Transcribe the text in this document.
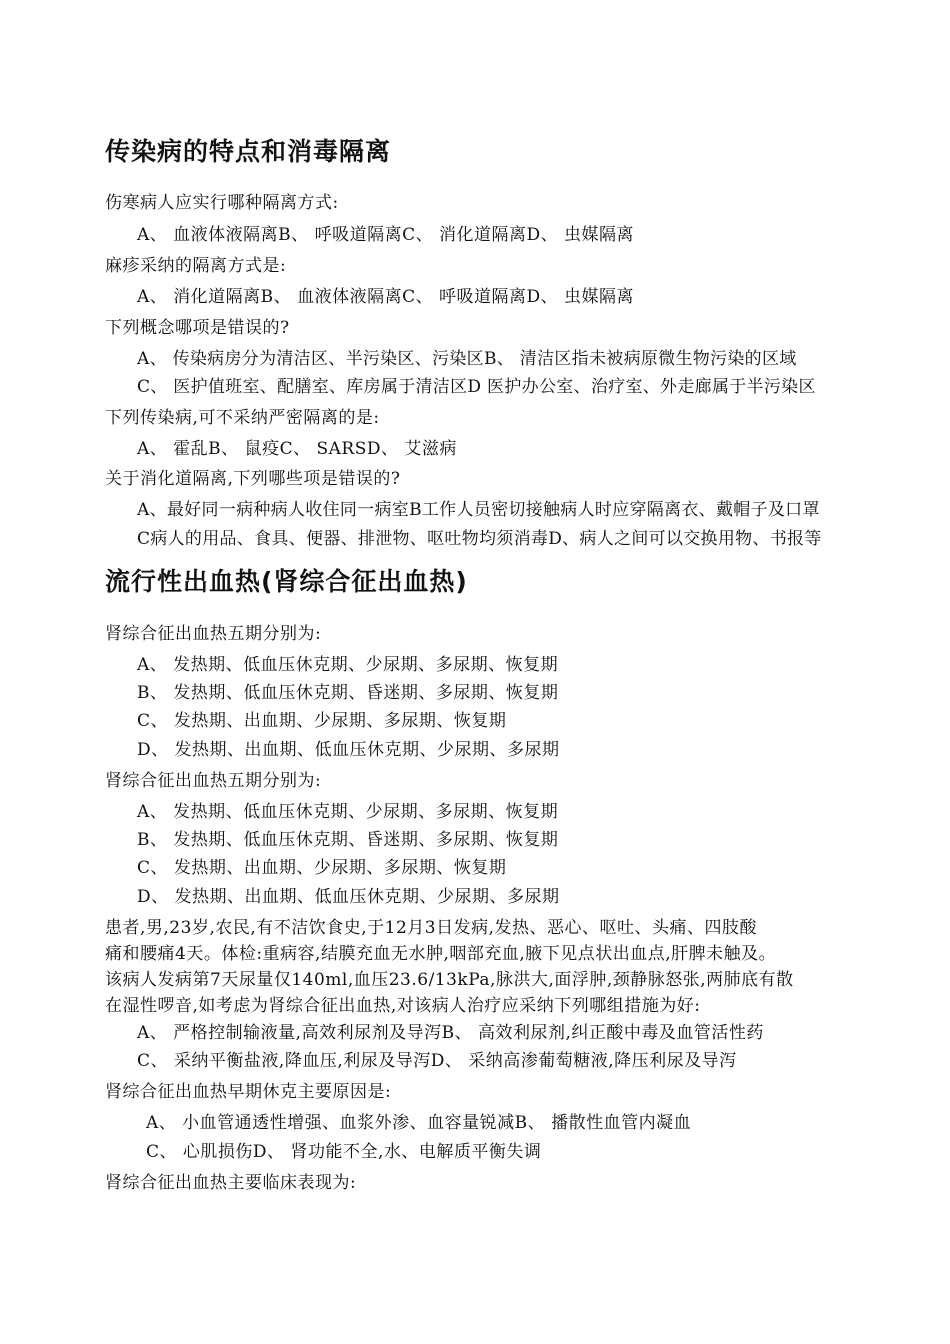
传染病的特点和消毒隔离
伤寒病人应实行哪种隔离方式:
A、 血液体液隔离B、 呼吸道隔离C、 消化道隔离D、 虫媒隔离
麻疹采纳的隔离方式是:
A、 消化道隔离B、 血液体液隔离C、 呼吸道隔离D、 虫媒隔离
下列概念哪项是错误的?
A、 传染病房分为清洁区、半污染区、污染区B、 清洁区指未被病原微生物污染的区域
C、 医护值班室、配膳室、库房属于清洁区D 医护办公室、治疗室、外走廊属于半污染区
下列传染病,可不采纳严密隔离的是:
A、 霍乱B、 鼠疫C、 SARSD、 艾滋病
关于消化道隔离,下列哪些项是错误的?
A、最好同一病种病人收住同一病室B工作人员密切接触病人时应穿隔离衣、戴帽子及口罩
C病人的用品、食具、便器、排泄物、呕吐物均须消毒D、病人之间可以交换用物、书报等
流行性出血热(肾综合征出血热)
肾综合征出血热五期分别为:
A、 发热期、低血压休克期、少尿期、多尿期、恢复期
B、 发热期、低血压休克期、昏迷期、多尿期、恢复期
C、 发热期、出血期、少尿期、多尿期、恢复期
D、 发热期、出血期、低血压休克期、少尿期、多尿期
肾综合征出血热五期分别为:
A、 发热期、低血压休克期、少尿期、多尿期、恢复期
B、 发热期、低血压休克期、昏迷期、多尿期、恢复期
C、 发热期、出血期、少尿期、多尿期、恢复期
D、 发热期、出血期、低血压休克期、少尿期、多尿期
患者,男,23岁,农民,有不洁饮食史,于12月3日发病,发热、恶心、呕吐、头痛、四肢酸
痛和腰痛4天。体检:重病容,结膜充血无水肿,咽部充血,腋下见点状出血点,肝脾未触及。
该病人发病第7天尿量仅140ml,血压23.6/13kPa,脉洪大,面浮肿,颈静脉怒张,两肺底有散
在湿性啰音,如考虑为肾综合征出血热,对该病人治疗应采纳下列哪组措施为好:
A、 严格控制输液量,高效利尿剂及导泻B、 高效利尿剂,纠正酸中毒及血管活性药
C、 采纳平衡盐液,降血压,利尿及导泻D、 采纳高渗葡萄糖液,降压利尿及导泻
肾综合征出血热早期休克主要原因是:
A、 小血管通透性增强、血浆外渗、血容量锐减B、 播散性血管内凝血
C、 心肌损伤D、 肾功能不全,水、电解质平衡失调
肾综合征出血热主要临床表现为:
